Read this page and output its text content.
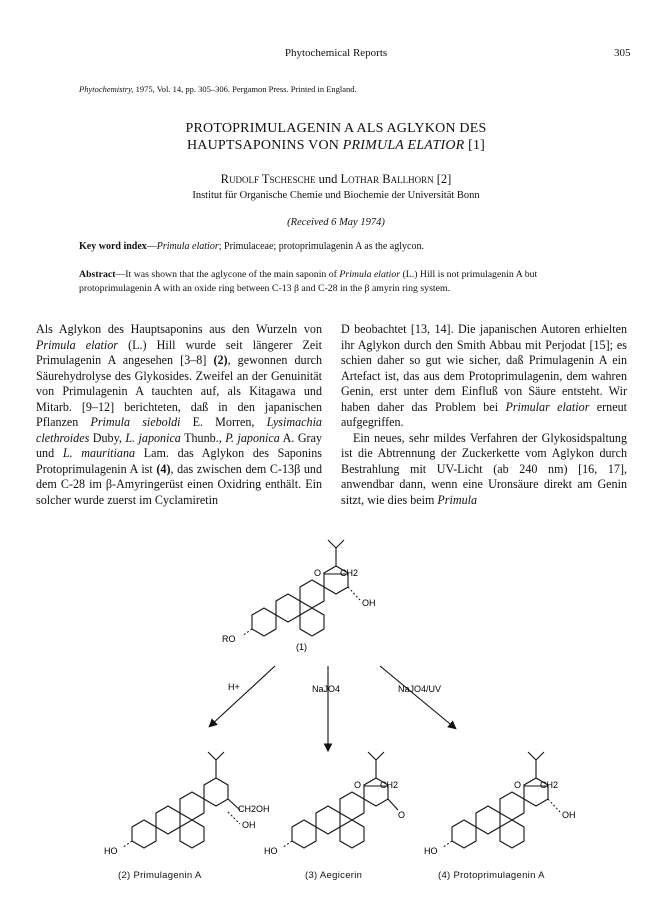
Phytochemical Reports	305
Phytochemistry, 1975, Vol. 14, pp. 305–306. Pergamon Press. Printed in England.
PROTOPRIMULAGENIN A ALS AGLYKON DES
HAUPTSAPONINS VON PRIMULA ELATIOR [1]
Rudolf Tschesche und Lothar Ballhorn [2]
Institut für Organische Chemie und Biochemie der Universität Bonn
(Received 6 May 1974)
Key word index—Primula elatior; Primulaceae; protoprimulagenin A as the aglycon.
Abstract—It was shown that the aglycone of the main saponin of Primula elatior (L.) Hill is not primulagenin A but protoprimulagenin A with an oxide ring between C-13 β and C-28 in the β amyrin ring system.

Als Aglykon des Hauptsaponins aus den Wurzeln von Primula elatior (L.) Hill wurde seit längerer Zeit Primulagenin A angesehen [3–8] (2), gewonnen durch Säurehydrolyse des Glykosides. Zweifel an der Genuinität von Primulagenin A tauchten auf, als Kitagawa und Mitarb. [9–12] berichteten, daß in den japanischen Pflanzen Primula sieboldi E. Morren, Lysimachia clethroides Duby, L. japonica Thunb., P. japonica A. Gray und L. mauritiana Lam. das Aglykon des Saponins Protoprimulagenin A ist (4), das zwischen dem C-13β und dem C-28 im β-Amyringerüst einen Oxidring enthält. Ein solcher wurde zuerst im Cyclamiretin

D beobachtet [13, 14]. Die japanischen Autoren erhielten ihr Aglykon durch den Smith Abbau mit Perjodat [15]; es schien daher so gut wie sicher, daß Primulagenin A ein Artefact ist, das aus dem Protoprimulagenin, dem wahren Genin, erst unter dem Einfluß von Säure entsteht. Wir haben daher das Problem bei Primular elatior erneut aufgegriffen.

Ein neues, sehr mildes Verfahren der Glykosidspaltung ist die Abtrennung der Zuckerkette vom Aglykon durch Bestrahlung mit UV-Licht (ab 240 nm) [16, 17], anwendbar dann, wenn eine Uronsäure direkt am Genin sitzt, wie dies beim Primula

O CH2
OH
RO
(1)
H+	NaJO4	NaJO4/UV
CH2OH
OH
HO
O CH2
O
HO
O CH2
OH
HO
(2) Primulagenin A	(3) Aegicerin	(4) Protoprimulagenin A
